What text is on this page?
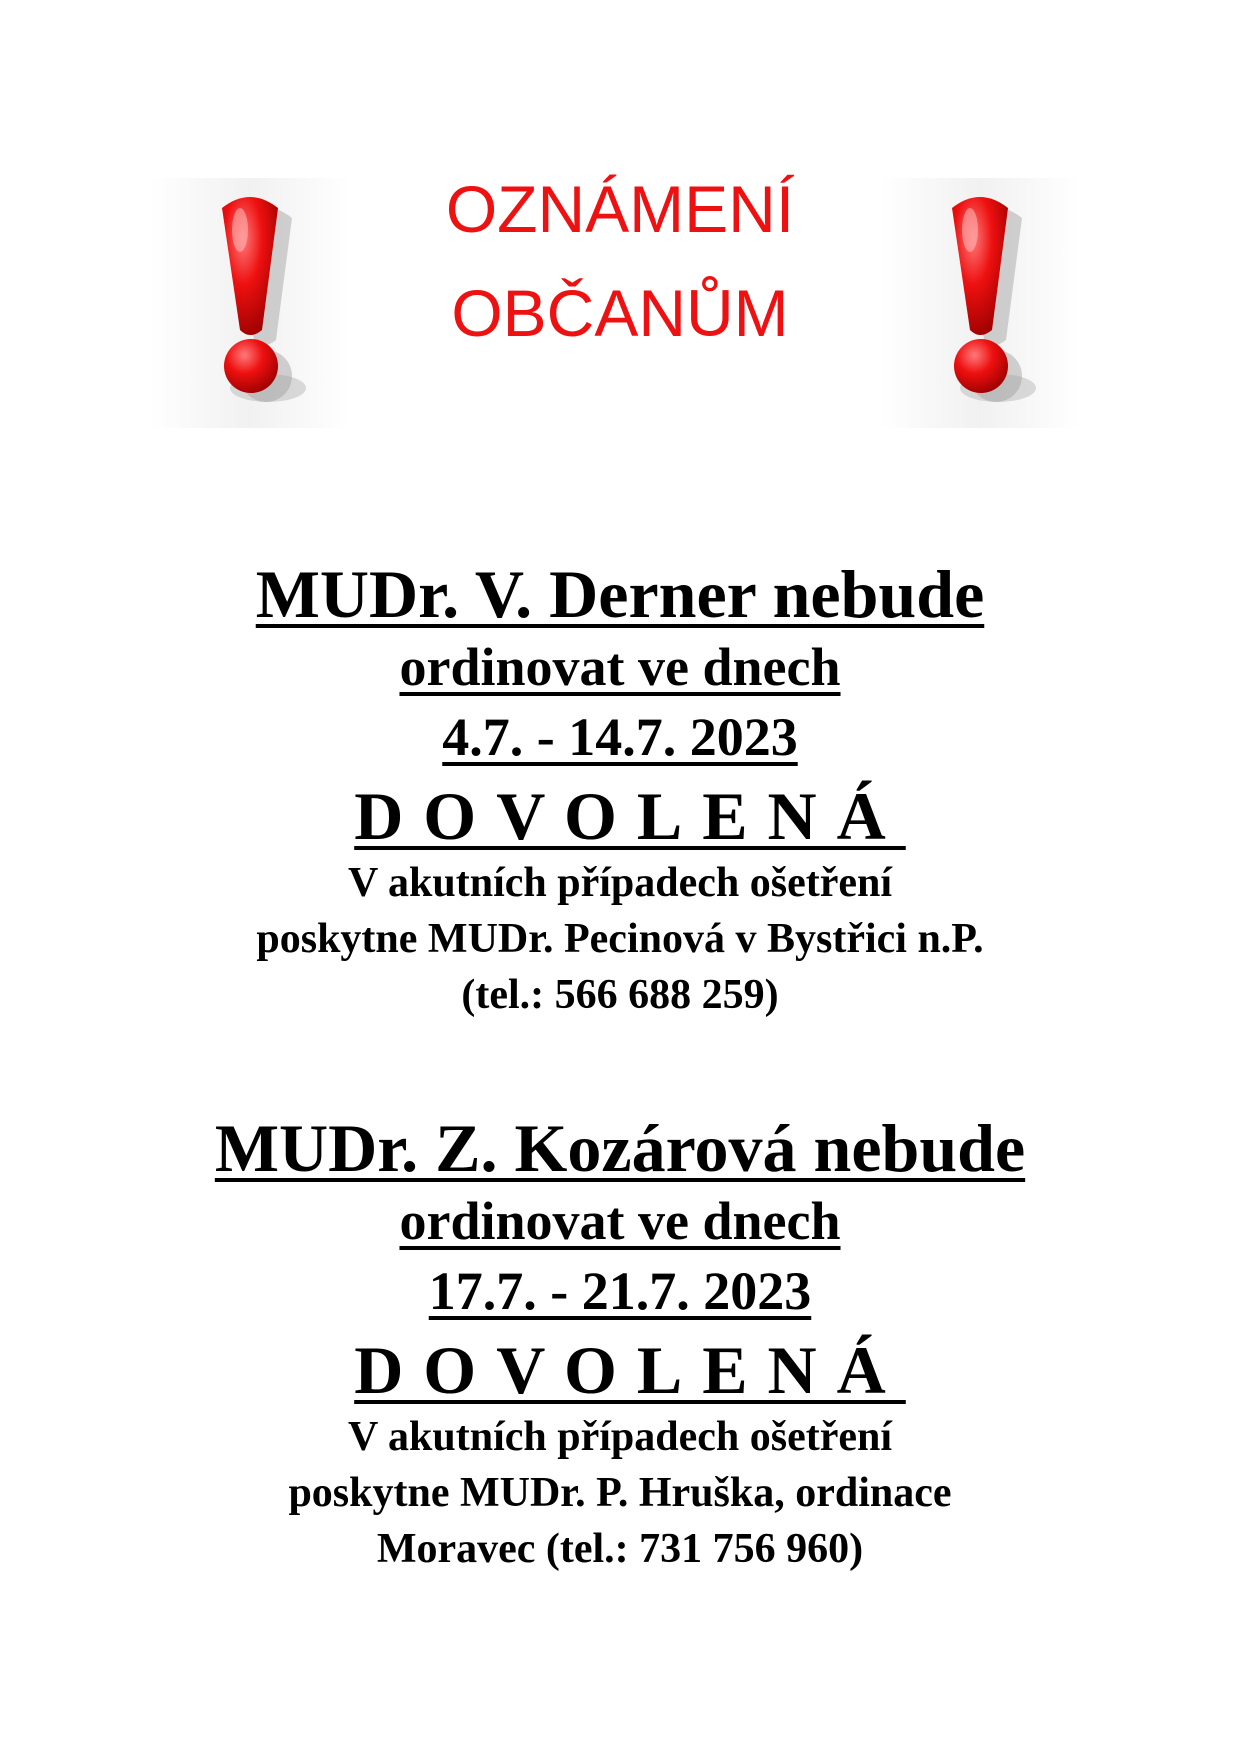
OZNÁMENÍ
OBČANŮM
MUDr. V. Derner nebude
ordinovat ve dnech
4.7. - 14.7. 2023
DOVOLENÁ
V akutních případech ošetření
poskytne MUDr. Pecinová v Bystřici n.P.
(tel.: 566 688 259)
MUDr. Z. Kozárová nebude
ordinovat ve dnech
17.7. - 21.7. 2023
DOVOLENÁ
V akutních případech ošetření
poskytne MUDr. P. Hruška, ordinace
Moravec (tel.: 731 756 960)
